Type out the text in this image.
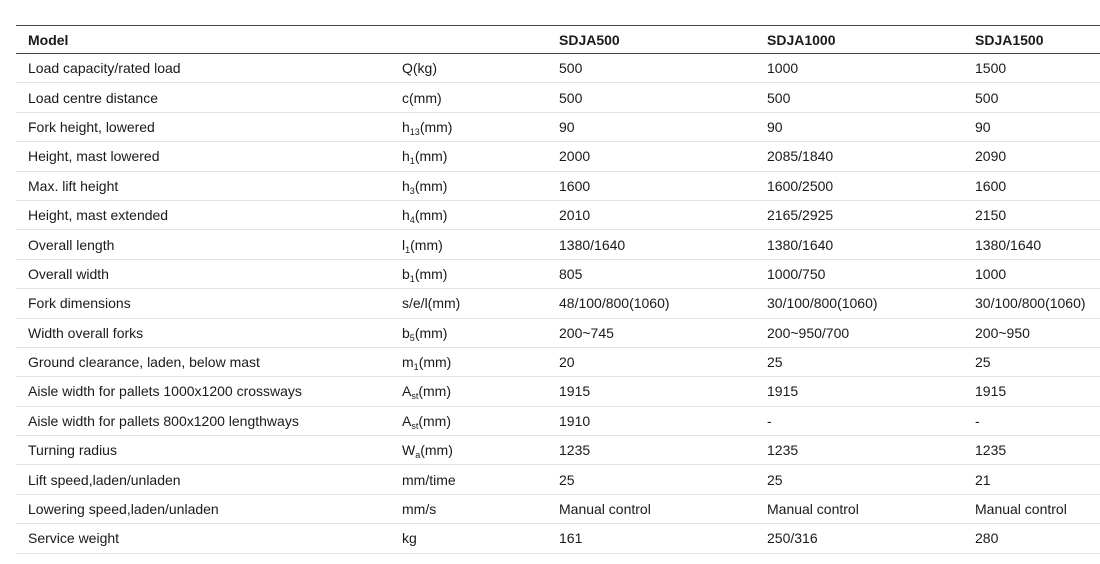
Model		SDJA500	SDJA1000	SDJA1500
Load capacity/rated load	Q(kg)	500	1000	1500
Load centre distance	c(mm)	500	500	500
Fork height, lowered	$h_{13}(mm)$	90	90	90
Height, mast lowered	$h_1(mm)$	2000	2085/1840	2090
Max. lift height	$h_3(mm)$	1600	1600/2500	1600
Height, mast extended	$h_4(mm)$	2010	2165/2925	2150
Overall length	$l_1(mm)$	1380/1640	1380/1640	1380/1640
Overall width	$b_1(mm)$	805	1000/750	1000
Fork dimensions	s/e/l(mm)	48/100/800(1060)	30/100/800(1060)	30/100/800(1060)
Width overall forks	$b_5(mm)$	200~745	200~950/700	200~950
Ground clearance, laden, below mast	$m_1(mm)$	20	25	25
Aisle width for pallets 1000x1200 crossways	$A_{st}(mm)$	1915	1915	1915
Aisle width for pallets 800x1200 lengthways	$A_{st}(mm)$	1910	-	-
Turning radius	$W_a(mm)$	1235	1235	1235
Lift speed,laden/unladen	mm/time	25	25	21
Lowering speed,laden/unladen	mm/s	Manual control	Manual control	Manual control
Service weight	kg	161	250/316	280
